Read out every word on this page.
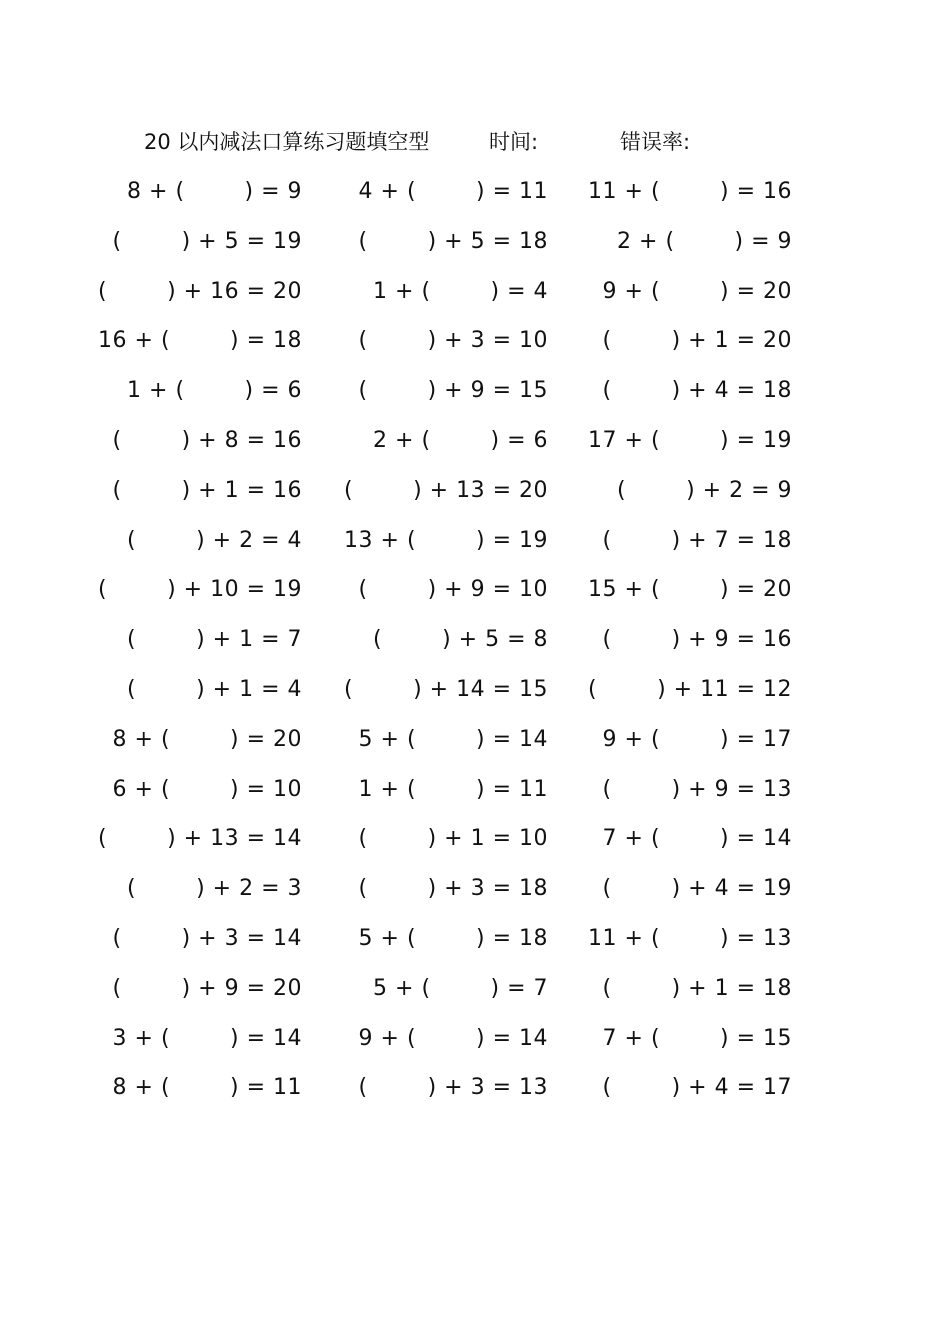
20 以内减法口算练习题填空型	时间:	错误率:
8 + (        ) = 9
(        ) + 5 = 19
(        ) + 16 = 20
16 + (        ) = 18
1 + (        ) = 6
(        ) + 8 = 16
(        ) + 1 = 16
(        ) + 2 = 4
(        ) + 10 = 19
(        ) + 1 = 7
(        ) + 1 = 4
8 + (        ) = 20
6 + (        ) = 10
(        ) + 13 = 14
(        ) + 2 = 3
(        ) + 3 = 14
(        ) + 9 = 20
3 + (        ) = 14
8 + (        ) = 11
4 + (        ) = 11
(        ) + 5 = 18
1 + (        ) = 4
(        ) + 3 = 10
(        ) + 9 = 15
2 + (        ) = 6
(        ) + 13 = 20
13 + (        ) = 19
(        ) + 9 = 10
(        ) + 5 = 8
(        ) + 14 = 15
5 + (        ) = 14
1 + (        ) = 11
(        ) + 1 = 10
(        ) + 3 = 18
5 + (        ) = 18
5 + (        ) = 7
9 + (        ) = 14
(        ) + 3 = 13
11 + (        ) = 16
2 + (        ) = 9
9 + (        ) = 20
(        ) + 1 = 20
(        ) + 4 = 18
17 + (        ) = 19
(        ) + 2 = 9
(        ) + 7 = 18
15 + (        ) = 20
(        ) + 9 = 16
(        ) + 11 = 12
9 + (        ) = 17
(        ) + 9 = 13
7 + (        ) = 14
(        ) + 4 = 19
11 + (        ) = 13
(        ) + 1 = 18
7 + (        ) = 15
(        ) + 4 = 17
